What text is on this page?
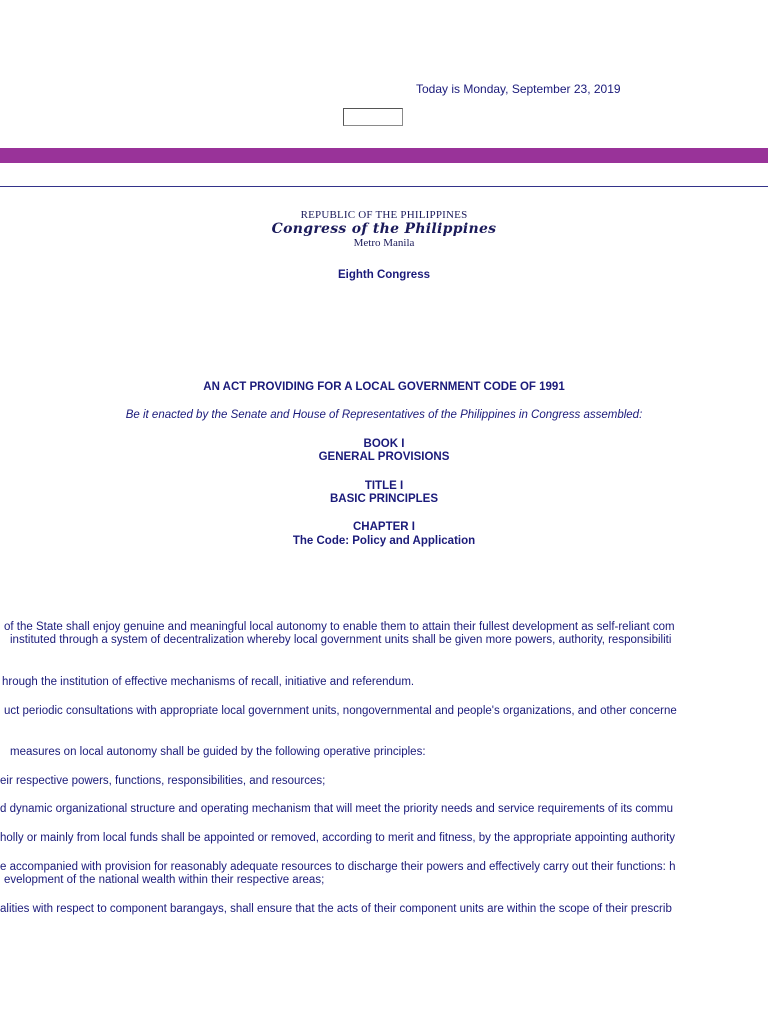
Today is Monday, September 23, 2019
REPUBLIC OF THE PHILIPPINES
Congress of the Philippines
Metro Manila
Eighth Congress
AN ACT PROVIDING FOR A LOCAL GOVERNMENT CODE OF 1991
Be it enacted by the Senate and House of Representatives of the Philippines in Congress assembled:
BOOK I
GENERAL PROVISIONS
TITLE I
BASIC PRINCIPLES
CHAPTER I
The Code: Policy and Application
of the State shall enjoy genuine and meaningful local autonomy to enable them to attain their fullest development as self-reliant com
instituted through a system of decentralization whereby local government units shall be given more powers, authority, responsibiliti
hrough the institution of effective mechanisms of recall, initiative and referendum.
uct periodic consultations with appropriate local government units, nongovernmental and people's organizations, and other concerne
measures on local autonomy shall be guided by the following operative principles:
eir respective powers, functions, responsibilities, and resources;
d dynamic organizational structure and operating mechanism that will meet the priority needs and service requirements of its commu
holly or mainly from local funds shall be appointed or removed, according to merit and fitness, by the appropriate appointing authority
e accompanied with provision for reasonably adequate resources to discharge their powers and effectively carry out their functions: h
evelopment of the national wealth within their respective areas;
alities with respect to component barangays, shall ensure that the acts of their component units are within the scope of their prescrib
